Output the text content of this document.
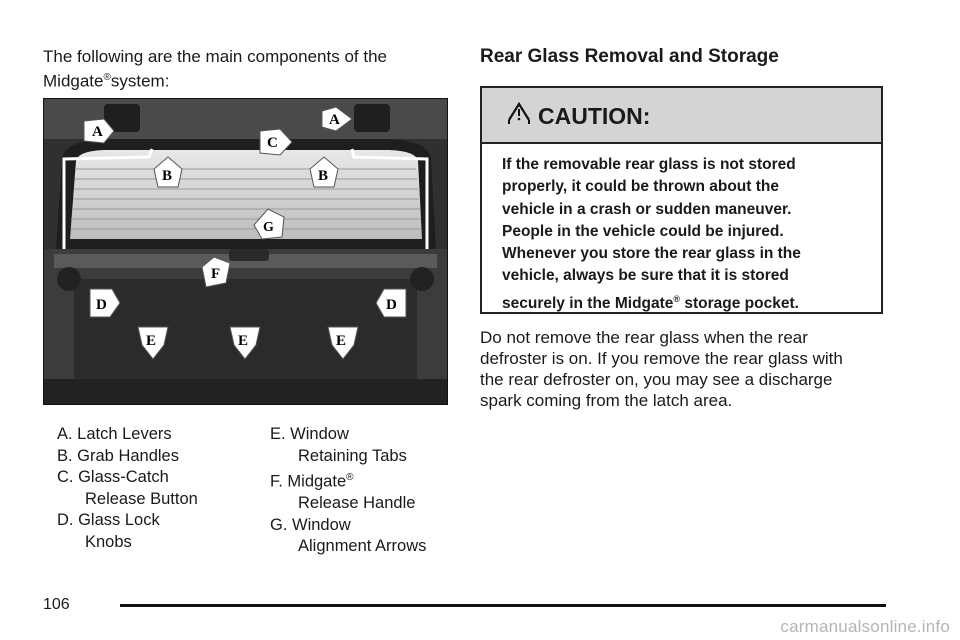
The following are the main components of the Midgate®system:
A
A
C
B	B
G
F
D	D
E	E	E
A. Latch Levers
B. Grab Handles
C. Glass-Catch
Release Button
D. Glass Lock
Knobs
E. Window
Retaining Tabs
F. Midgate®
Release Handle
G. Window
Alignment Arrows
Rear Glass Removal and Storage
CAUTION:
If the removable rear glass is not stored
properly, it could be thrown about the
vehicle in a crash or sudden maneuver.
People in the vehicle could be injured.
Whenever you store the rear glass in the
vehicle, always be sure that it is stored
securely in the Midgate® storage pocket.
Do not remove the rear glass when the rear
defroster is on. If you remove the rear glass with
the rear defroster on, you may see a discharge
spark coming from the latch area.
106
carmanualsonline.info
